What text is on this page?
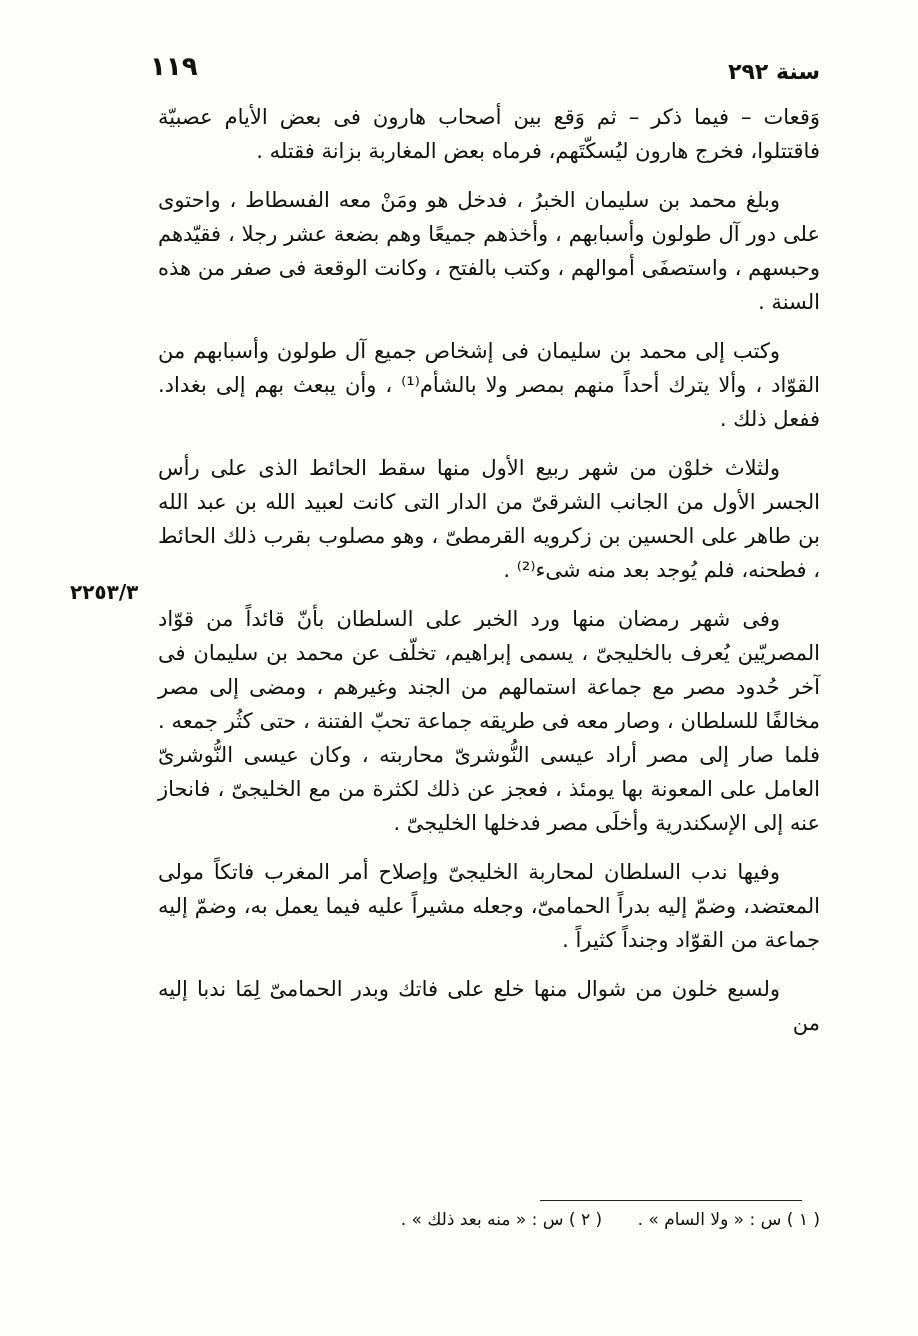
١١٩	سنة ٢٩٢
٢٢٥٣/٣

وَقعات – فيما ذكر – ثم وَقع بين أصحاب هارون فى بعض الأيام عصبيّة فاقتتلوا، فخرج هارون ليُسكّتَهم، فرماه بعض المغاربة بزانة فقتله .

وبلغ محمد بن سليمان الخبرُ ، فدخل هو ومَنْ معه الفسطاط ، واحتوى على دور آل طولون وأسبابهم ، وأخذهم جميعًا وهم بضعة عشر رجلا ، فقيّدهم وحبسهم ، واستصفَى أموالهم ، وكتب بالفتح ، وكانت الوقعة فى صفر من هذه السنة .

وكتب إلى محمد بن سليمان فى إشخاص جميع آل طولون وأسبابهم من القوّاد ، وألا يترك أحداً منهم بمصر ولا بالشأم⁽¹⁾ ، وأن يبعث بهم إلى بغداد. ففعل ذلك .

ولثلاث خلوْن من شهر ربيع الأول منها سقط الحائط الذى على رأس الجسر الأول من الجانب الشرقىّ من الدار التى كانت لعبيد الله بن عبد الله بن طاهر على الحسين بن زكرويه القرمطىّ ، وهو مصلوب بقرب ذلك الحائط ، فطحنه، فلم يُوجد بعد منه شىء⁽²⁾ .

وفى شهر رمضان منها ورد الخبر على السلطان بأنّ قائداً من قوّاد المصريّين يُعرف بالخليجىّ ، يسمى إبراهيم، تخلّف عن محمد بن سليمان فى آخر حُدود مصر مع جماعة استمالهم من الجند وغيرهم ، ومضى إلى مصر مخالفًا للسلطان ، وصار معه فى طريقه جماعة تحبّ الفتنة ، حتى كثُر جمعه . فلما صار إلى مصر أراد عيسى النُّوشرىّ محاربته ، وكان عيسى النُّوشرىّ العامل على المعونة بها يومئذ ، فعجز عن ذلك لكثرة من مع الخليجىّ ، فانحاز عنه إلى الإسكندرية وأخلَى مصر فدخلها الخليجىّ .

وفيها ندب السلطان لمحاربة الخليجىّ وإصلاح أمر المغرب فاتكاً مولى المعتضد، وضمّ إليه بدراً الحمامىّ، وجعله مشيراً عليه فيما يعمل به، وضمّ إليه جماعة من القوّاد وجنداً كثيراً .

ولسبع خلون من شوال منها خلع على فاتك وبدر الحمامىّ لِمَا ندبا إليه من

( ١ ) س : « ولا السام » . ( ٢ ) س : « منه بعد ذلك » .
